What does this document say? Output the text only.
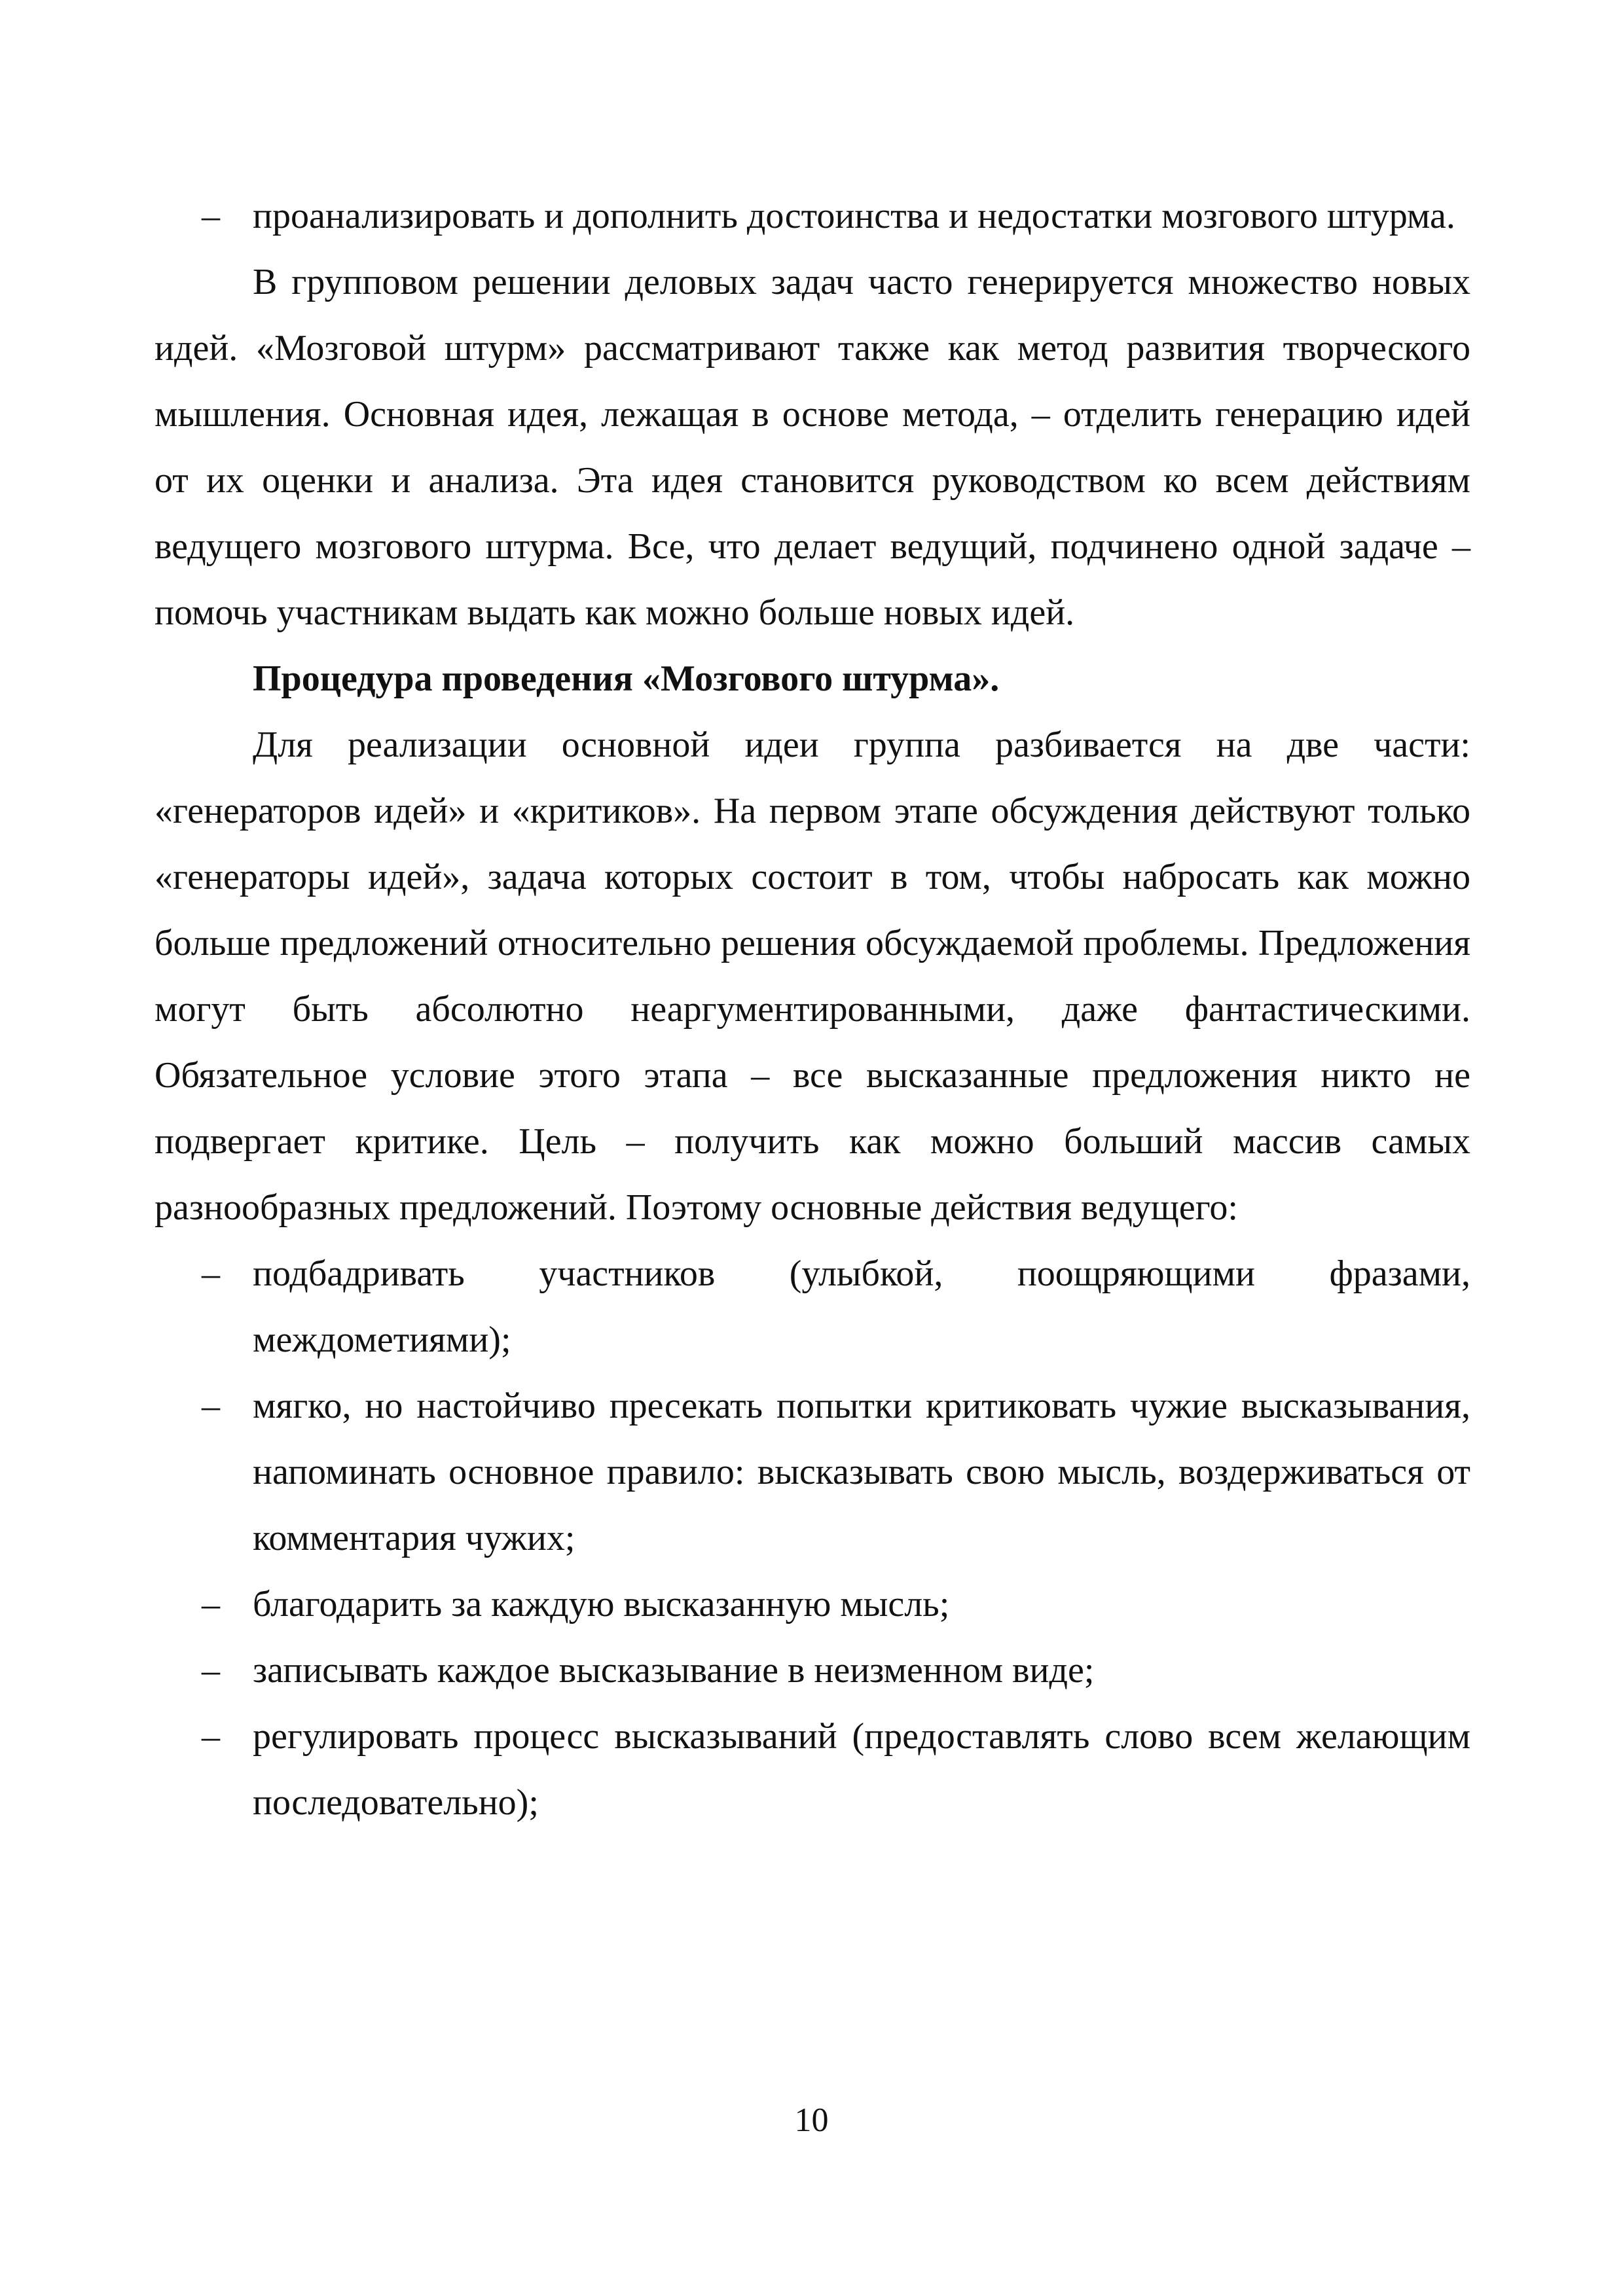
– проанализировать и дополнить достоинства и недостатки мозгового штурма.

В групповом решении деловых задач часто генерируется множество новых идей. «Мозговой штурм» рассматривают также как метод развития творческого мышления. Основная идея, лежащая в основе метода, – отделить генерацию идей от их оценки и анализа. Эта идея становится руководством ко всем действиям ведущего мозгового штурма. Все, что делает ведущий, подчинено одной задаче – помочь участникам выдать как можно больше новых идей.

Процедура проведения «Мозгового штурма».

Для реализации основной идеи группа разбивается на две части: «генераторов идей» и «критиков». На первом этапе обсуждения действуют только «генераторы идей», задача которых состоит в том, чтобы набросать как можно больше предложений относительно решения обсуждаемой проблемы. Предложения могут быть абсолютно неаргументированными, даже фантастическими. Обязательное условие этого этапа – все высказанные предложения никто не подвергает критике. Цель – получить как можно больший массив самых разнообразных предложений. Поэтому основные действия ведущего:

– подбадривать участников (улыбкой, поощряющими фразами, междометиями);
– мягко, но настойчиво пресекать попытки критиковать чужие высказывания, напоминать основное правило: высказывать свою мысль, воздерживаться от комментария чужих;
– благодарить за каждую высказанную мысль;
– записывать каждое высказывание в неизменном виде;
– регулировать процесс высказываний (предоставлять слово всем желающим последовательно);
10
